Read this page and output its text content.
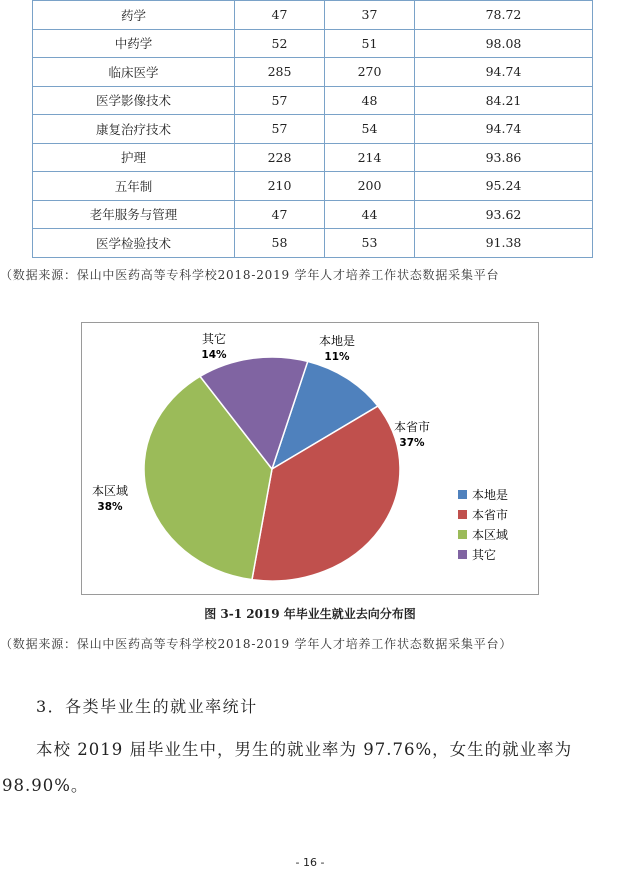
药学	47	37	78.72
中药学	52	51	98.08
临床医学	285	270	94.74
医学影像技术	57	48	84.21
康复治疗技术	57	54	94.74
护理	228	214	93.86
五年制	210	200	95.24
老年服务与管理	47	44	93.62
医学检验技术	58	53	91.38
（数据来源：保山中医药高等专科学校2018-2019 学年人才培养工作状态数据采集平台
本地是
11%
本省市
37%
本区域
38%
其它
14%
本地是
本省市
本区域
其它
图 3-1 2019 年毕业生就业去向分布图
（数据来源：保山中医药高等专科学校2018-2019 学年人才培养工作状态数据采集平台）
3．各类毕业生的就业率统计
本校 2019 届毕业生中，男生的就业率为 97.76%，女生的就业率为 98.90%。
- 16 -
